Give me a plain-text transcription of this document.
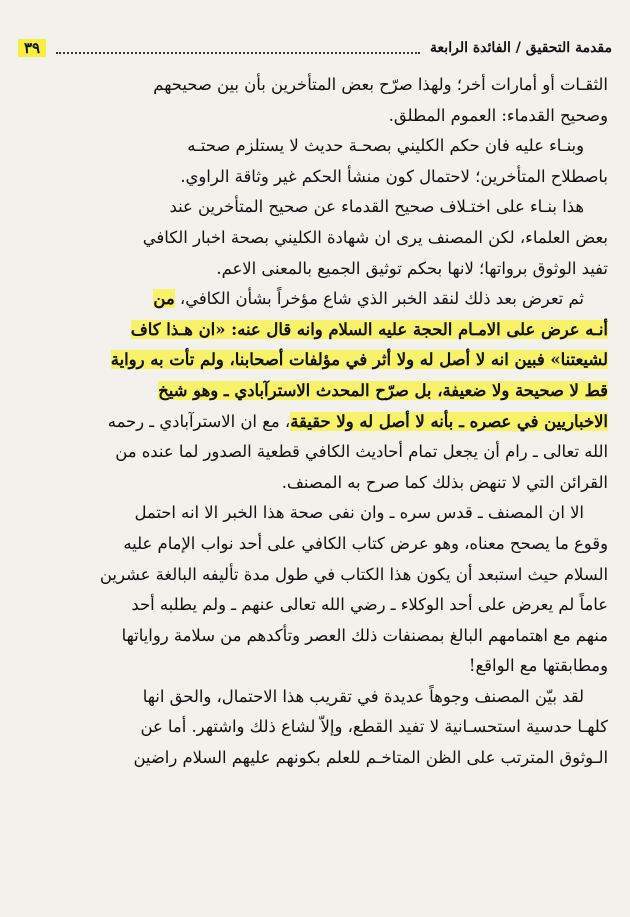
مقدمة التحقيق / الفائدة الرابعة
٣٩
الثقـات أو أمارات أخر؛ ولهذا صرّح بعض المتأخرين بأن بين صحيحهم
وصحيح القدماء: العموم المطلق.
وبنـاء عليه فان حكم الكليني بصحـة حديث لا يستلزم صحتـه
باصطلاح المتأخرين؛ لاحتمال كون منشأ الحكم غير وثاقة الراوي.
هذا بنـاء على اختـلاف صحيح القدماء عن صحيح المتأخرين عند
بعض العلماء، لكن المصنف يرى ان شهادة الكليني بصحة اخبار الكافي
تفيد الوثوق برواتها؛ لانها بحكم توثيق الجميع بالمعنى الاعم.
ثم تعرض بعد ذلك لنقد الخبر الذي شاع مؤخراً بشأن الكافي، من
أنـه عرض على الامـام الحجة عليه السلام وانه قال عنه: «ان هـذا كاف
لشيعتنا» فبين انه لا أصل له ولا أثر في مؤلفات أصحابنا، ولم تأت به رواية
قط لا صحيحة ولا ضعيفة، بل صرّح المحدث الاسترآبادي ـ وهو شيخ
الاخباريين في عصره ـ بأنه لا أصل له ولا حقيقة، مع ان الاسترآبادي ـ رحمه
الله تعالى ـ رام أن يجعل تمام أحاديث الكافي قطعية الصدور لما عنده من
القرائن التي لا تنهض بذلك كما صرح به المصنف.
الا ان المصنف ـ قدس سره ـ وان نفى صحة هذا الخبر الا انه احتمل
وقوع ما يصحح معناه، وهو عرض كتاب الكافي على أحد نواب الإمام عليه
السلام حيث استبعد أن يكون هذا الكتاب في طول مدة تأليفه البالغة عشرين
عاماً لم يعرض على أحد الوكلاء ـ رضي الله تعالى عنهم ـ ولم يطلبه أحد
منهم مع اهتمامهم البالغ بمصنفات ذلك العصر وتأكدهم من سلامة رواياتها
ومطابقتها مع الواقع!
لقد بيّن المصنف وجوهاً عديدة في تقريب هذا الاحتمال، والحق انها
كلهـا حدسية استحسـانية لا تفيد القطع، وإلاّ لشاع ذلك واشتهر. أما عن
الـوثوق المترتب على الظن المتاخـم للعلم بكونهم عليهم السلام راضين
